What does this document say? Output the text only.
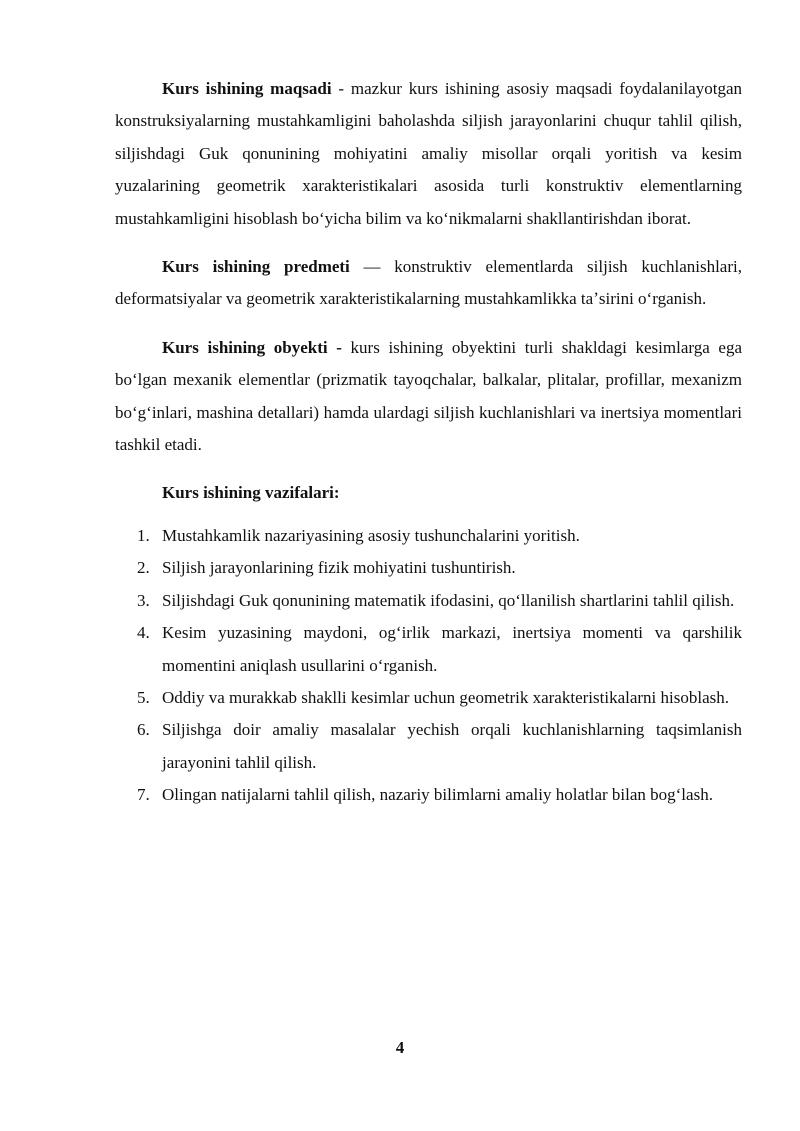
Kurs ishining maqsadi - mazkur kurs ishining asosiy maqsadi foydalanilayotgan konstruksiyalarning mustahkamligini baholashda siljish jarayonlarini chuqur tahlil qilish, siljishdagi Guk qonunining mohiyatini amaliy misollar orqali yoritish va kesim yuzalarining geometrik xarakteristikalari asosida turli konstruktiv elementlarning mustahkamligini hisoblash boʻyicha bilim va koʻnikmalarni shakllantirishdan iborat.

Kurs ishining predmeti — konstruktiv elementlarda siljish kuchlanishlari, deformatsiyalar va geometrik xarakteristikalarning mustahkamlikka taʼsirini oʻrganish.

Kurs ishining obyekti - kurs ishining obyektini turli shakldagi kesimlarga ega boʻlgan mexanik elementlar (prizmatik tayoqchalar, balkalar, plitalar, profillar, mexanizm boʻgʻinlari, mashina detallari) hamda ulardagi siljish kuchlanishlari va inertsiya momentlari tashkil etadi.

Kurs ishining vazifalari:

1. Mustahkamlik nazariyasining asosiy tushunchalarini yoritish.
2. Siljish jarayonlarining fizik mohiyatini tushuntirish.
3. Siljishdagi Guk qonunining matematik ifodasini, qoʻllanilish shartlarini tahlil qilish.
4. Kesim yuzasining maydoni, ogʻirlik markazi, inertsiya momenti va qarshilik momentini aniqlash usullarini oʻrganish.
5. Oddiy va murakkab shaklli kesimlar uchun geometrik xarakteristikalarni hisoblash.
6. Siljishga doir amaliy masalalar yechish orqali kuchlanishlarning taqsimlanish jarayonini tahlil qilish.
7. Olingan natijalarni tahlil qilish, nazariy bilimlarni amaliy holatlar bilan bogʻlash.
4
